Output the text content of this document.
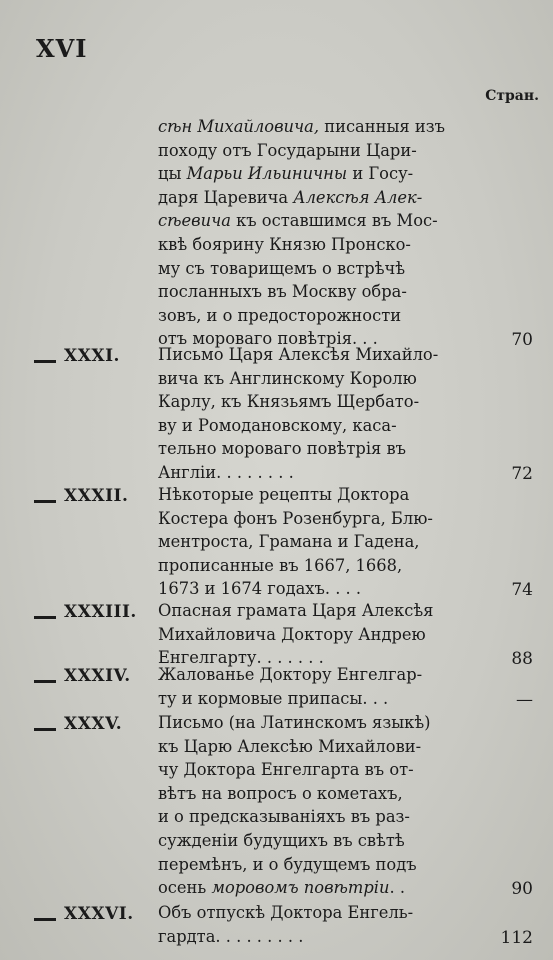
XVI
Стран.
сѣн Михайловича, писанныя изъ
походу отъ Государыни Цари-
цы Марьи Ильиничны и Госу-
даря Царевича Алексѣя Алек-
сѣевича къ оставшимся въ Мос-
квѣ боярину Князю Пронско-
му съ товарищемъ о встрѣчѣ
посланныхъ въ Москву обра-
зовъ, и о предосторожности
отъ мороваго повѣтрія. . .	70
XXXI. Письмо Царя Алексѣя Михайло-
вича къ Англинскому Королю
Карлу, къ Князьямъ Щербато-
ву и Ромодановскому, каса-
тельно мороваго повѣтрія въ
Англіи. . . . . . . .	72
XXXII. Нѣкоторые рецепты Доктора
Костера фонъ Розенбурга, Блю-
ментроста, Грамана и Гадена,
прописанные въ 1667, 1668,
1673 и 1674 годахъ. . . .	74
XXXIII. Опасная грамата Царя Алексѣя
Михайловича Доктору Андрею
Енгелгарту. . . . . . .	88
XXXIV. Жалованье Доктору Енгелгар-
ту и кормовые припасы. . .	—
XXXV. Письмо (на Латинскомъ языкѣ)
къ Царю Алексѣю Михайлови-
чу Доктора Енгелгарта въ от-
вѣтъ на вопросъ о кометахъ,
и о предсказываніяхъ въ раз-
сужденіи будущихъ въ свѣтѣ
перемѣнъ, и о будущемъ подъ
осень моровомъ повѣтріи. .	90
XXXVI. Объ отпускѣ Доктора Енгель-
гардта. . . . . . . . .	112
